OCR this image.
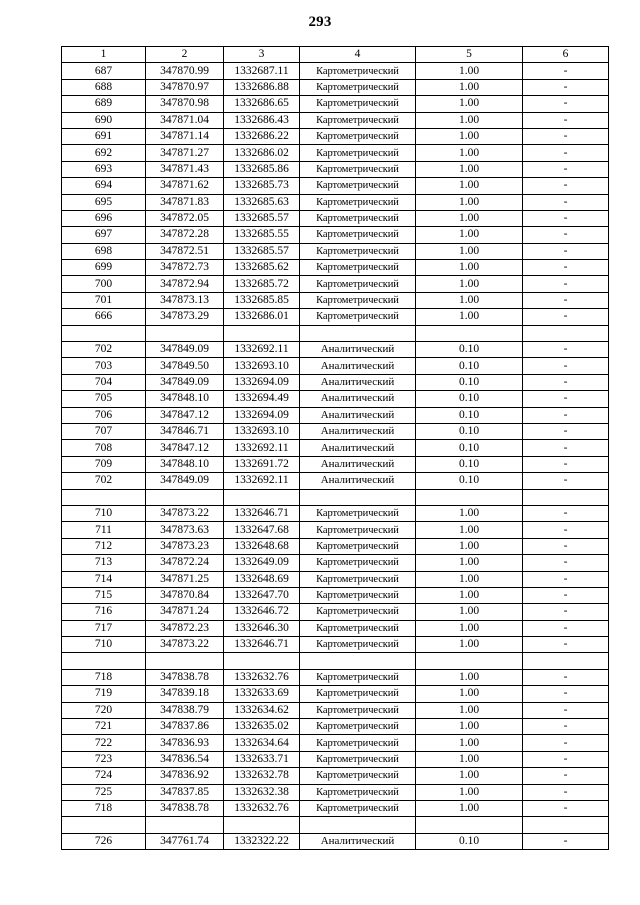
293
1	2	3	4	5	6
687	347870.99	1332687.11	Картометрический	1.00	-
688	347870.97	1332686.88	Картометрический	1.00	-
689	347870.98	1332686.65	Картометрический	1.00	-
690	347871.04	1332686.43	Картометрический	1.00	-
691	347871.14	1332686.22	Картометрический	1.00	-
692	347871.27	1332686.02	Картометрический	1.00	-
693	347871.43	1332685.86	Картометрический	1.00	-
694	347871.62	1332685.73	Картометрический	1.00	-
695	347871.83	1332685.63	Картометрический	1.00	-
696	347872.05	1332685.57	Картометрический	1.00	-
697	347872.28	1332685.55	Картометрический	1.00	-
698	347872.51	1332685.57	Картометрический	1.00	-
699	347872.73	1332685.62	Картометрический	1.00	-
700	347872.94	1332685.72	Картометрический	1.00	-
701	347873.13	1332685.85	Картометрический	1.00	-
666	347873.29	1332686.01	Картометрический	1.00	-

702	347849.09	1332692.11	Аналитический	0.10	-
703	347849.50	1332693.10	Аналитический	0.10	-
704	347849.09	1332694.09	Аналитический	0.10	-
705	347848.10	1332694.49	Аналитический	0.10	-
706	347847.12	1332694.09	Аналитический	0.10	-
707	347846.71	1332693.10	Аналитический	0.10	-
708	347847.12	1332692.11	Аналитический	0.10	-
709	347848.10	1332691.72	Аналитический	0.10	-
702	347849.09	1332692.11	Аналитический	0.10	-

710	347873.22	1332646.71	Картометрический	1.00	-
711	347873.63	1332647.68	Картометрический	1.00	-
712	347873.23	1332648.68	Картометрический	1.00	-
713	347872.24	1332649.09	Картометрический	1.00	-
714	347871.25	1332648.69	Картометрический	1.00	-
715	347870.84	1332647.70	Картометрический	1.00	-
716	347871.24	1332646.72	Картометрический	1.00	-
717	347872.23	1332646.30	Картометрический	1.00	-
710	347873.22	1332646.71	Картометрический	1.00	-

718	347838.78	1332632.76	Картометрический	1.00	-
719	347839.18	1332633.69	Картометрический	1.00	-
720	347838.79	1332634.62	Картометрический	1.00	-
721	347837.86	1332635.02	Картометрический	1.00	-
722	347836.93	1332634.64	Картометрический	1.00	-
723	347836.54	1332633.71	Картометрический	1.00	-
724	347836.92	1332632.78	Картометрический	1.00	-
725	347837.85	1332632.38	Картометрический	1.00	-
718	347838.78	1332632.76	Картометрический	1.00	-

726	347761.74	1332322.22	Аналитический	0.10	-
